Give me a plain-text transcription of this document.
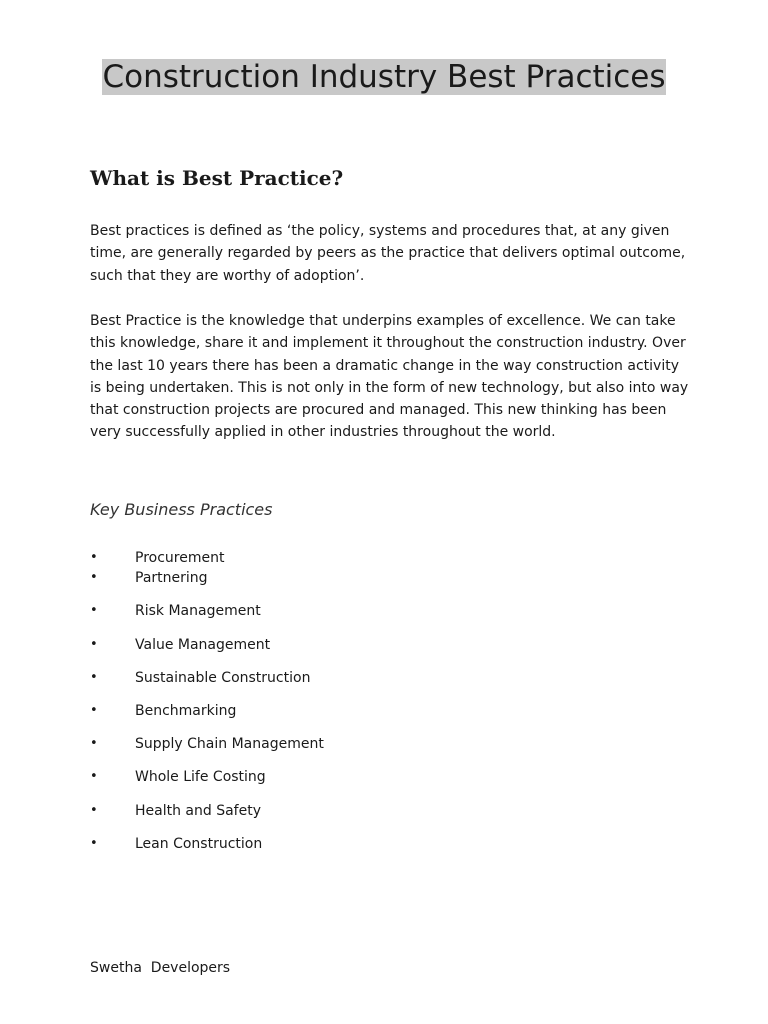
Construction Industry Best Practices
What is Best Practice?

Best practices is defined as ‘the policy, systems and procedures that, at any given time, are generally regarded by peers as the practice that delivers optimal outcome, such that they are worthy of adoption’.

Best Practice is the knowledge that underpins examples of excellence. We can take this knowledge, share it and implement it throughout the construction industry. Over the last 10 years there has been a dramatic change in the way construction activity is being undertaken. This is not only in the form of new technology, but also into way that construction projects are procured and managed. This new thinking has been very successfully applied in other industries throughout the world.

Key Business Practices
•	Procurement
•	Partnering
•	Risk Management
•	Value Management
•	Sustainable Construction
•	Benchmarking
•	Supply Chain Management
•	Whole Life Costing
•	Health and Safety
•	Lean Construction

Swetha  Developers
